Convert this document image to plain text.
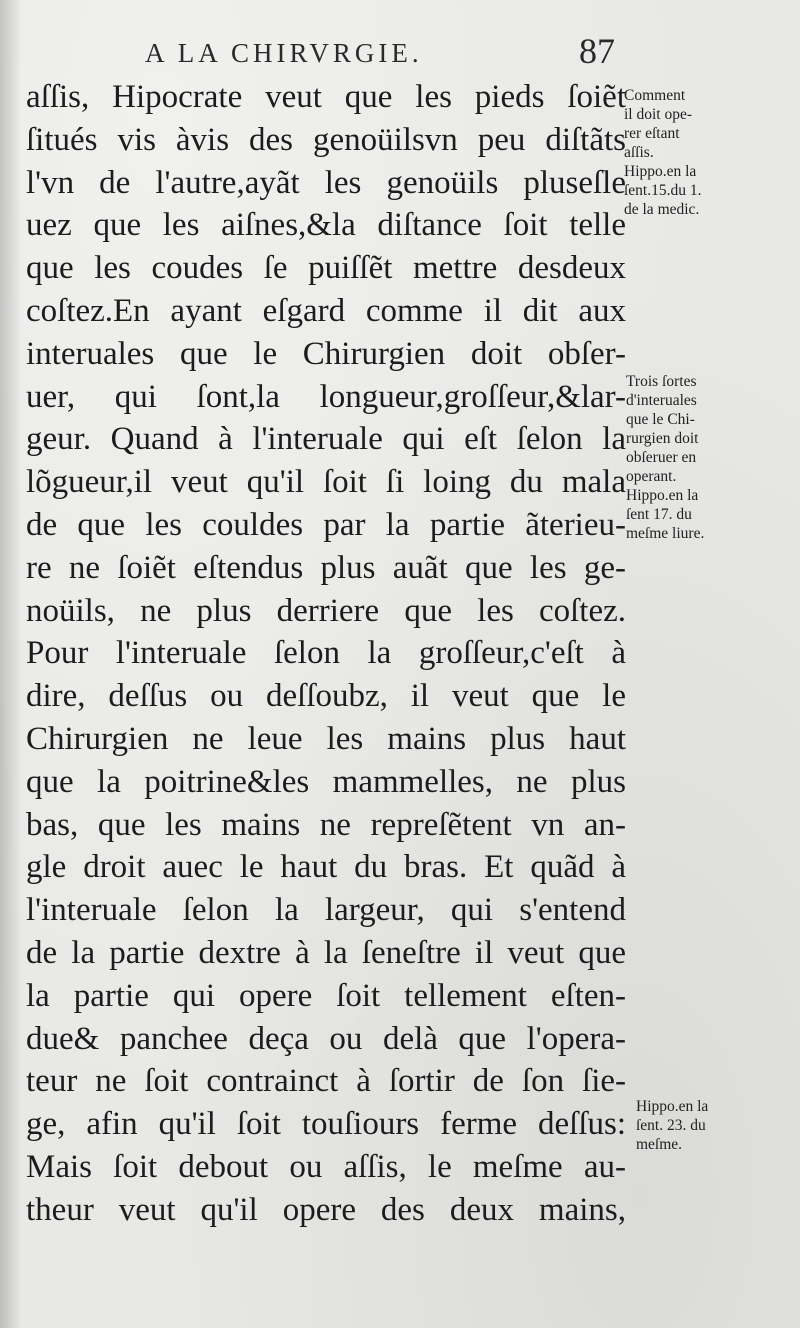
A LA CHIRVRGIE.	87
aſſis, Hipocrate veut que les pieds ſoiẽt
ſitués vis àvis des genoüilsvn peu diſtãts
l'vn de l'autre,ayãt les genoüils pluseſle
uez que les aiſnes,&la diſtance ſoit telle
que les coudes ſe puiſſẽt mettre desdeux
coſtez.En ayant eſgard comme il dit aux
interuales que le Chirurgien doit obſer-
uer, qui ſont,la longueur,groſſeur,&lar-
geur. Quand à l'interuale qui eſt ſelon la
lõgueur,il veut qu'il ſoit ſi loing du mala
de que les couldes par la partie ãterieu-
re ne ſoiẽt eſtendus plus auãt que les ge-
noüils, ne plus derriere que les coſtez.
Pour l'interuale ſelon la groſſeur,c'eſt à
dire, deſſus ou deſſoubz, il veut que le
Chirurgien ne leue les mains plus haut
que la poitrine&les mammelles, ne plus
bas, que les mains ne repreſẽtent vn an-
gle droit auec le haut du bras. Et quãd à
l'interuale ſelon la largeur, qui s'entend
de la partie dextre à la ſeneſtre il veut que
la partie qui opere ſoit tellement eſten-
due& panchee deça ou delà que l'opera-
teur ne ſoit contrainct à ſortir de ſon ſie-
ge, afin qu'il ſoit touſiours ferme deſſus:
Mais ſoit debout ou aſſis, le meſme au-
theur veut qu'il opere des deux mains,
Comment
il doit ope-
rer eſtant
aſſis.
Hippo.en la
ſent.15.du 1.
de la medic.
Trois ſortes
d'interuales
que le Chi-
rurgien doit
obſeruer en
operant.
Hippo.en la
ſent 17. du
meſme liure.
Hippo.en la
ſent. 23. du
meſme.
